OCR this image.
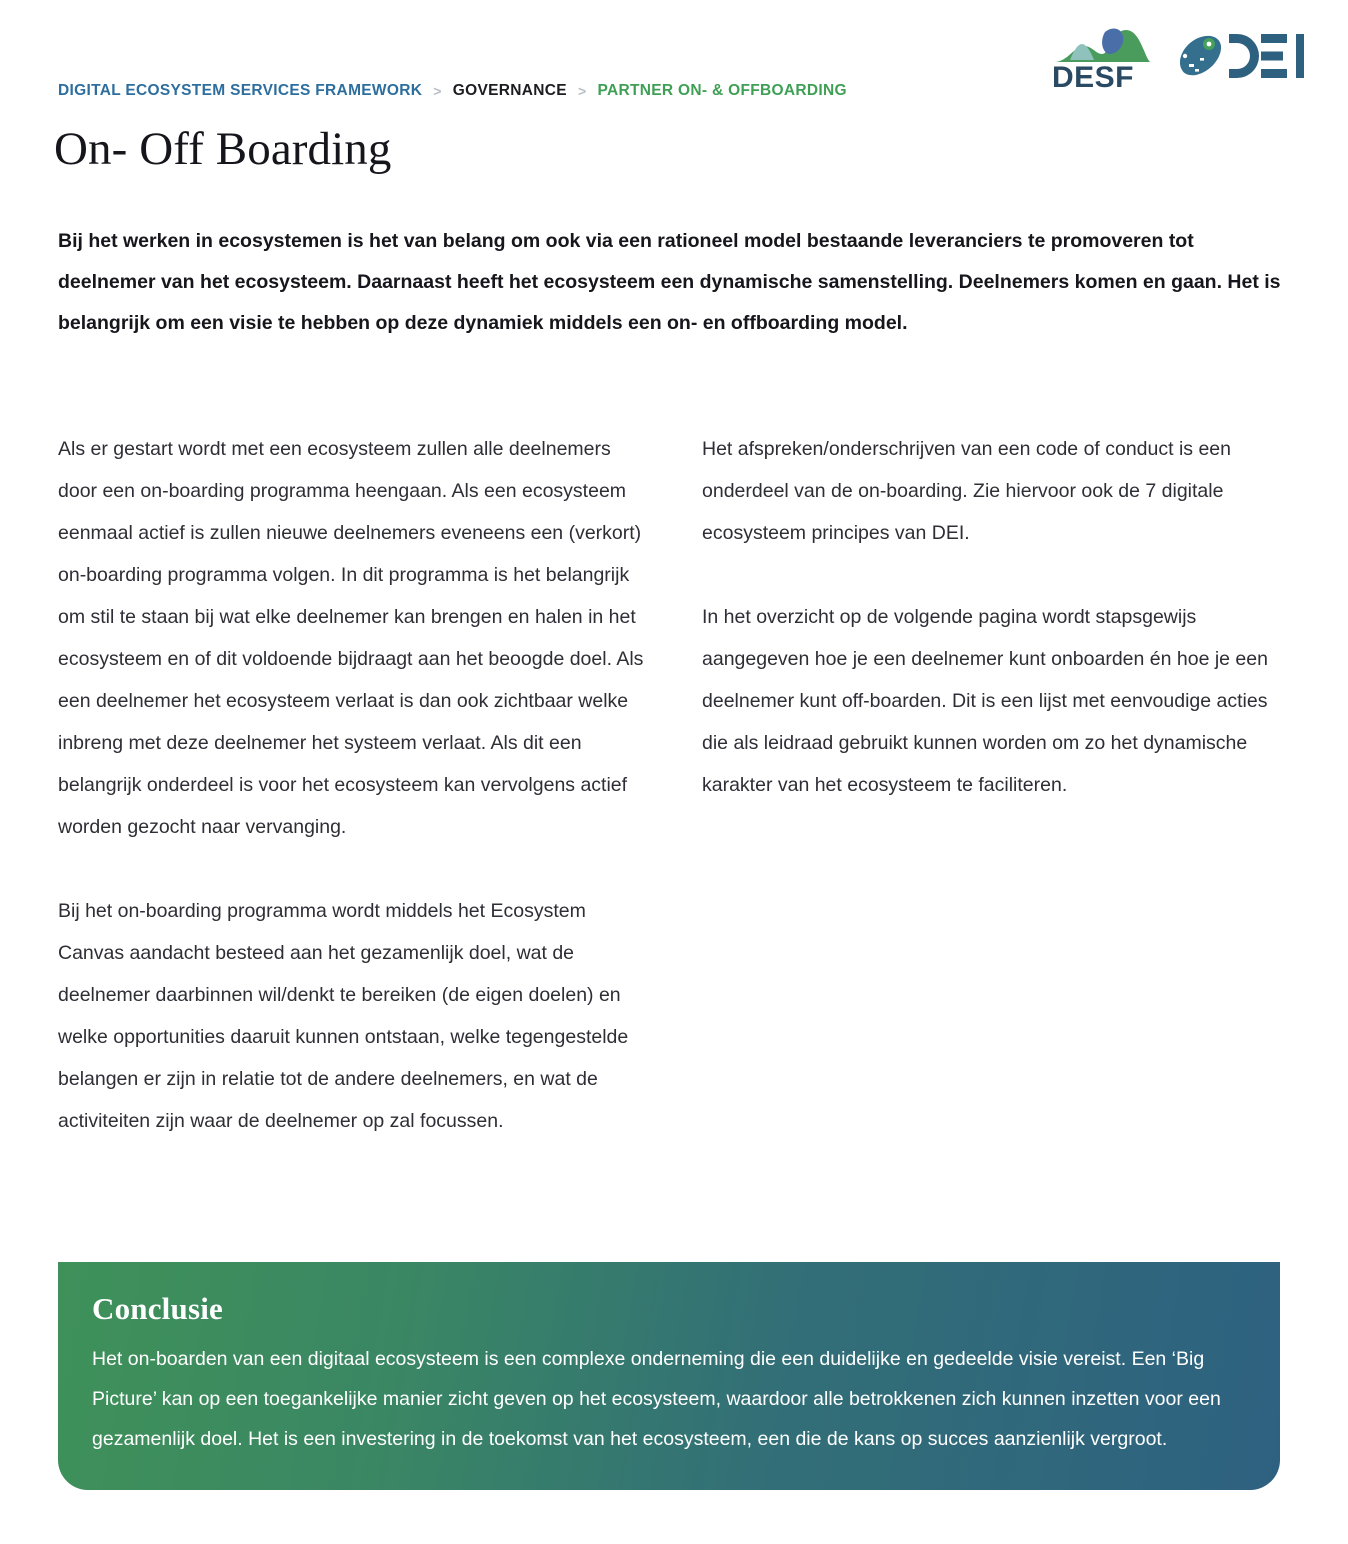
DESF
DIGITAL ECOSYSTEM SERVICES FRAMEWORK > GOVERNANCE > PARTNER ON- & OFFBOARDING
On- Off Boarding

Bij het werken in ecosystemen is het van belang om ook via een rationeel model bestaande leveranciers te promoveren tot deelnemer van het ecosysteem. Daarnaast heeft het ecosysteem een dynamische samenstelling. Deelnemers komen en gaan. Het is belangrijk om een visie te hebben op deze dynamiek middels een on- en offboarding model.

Als er gestart wordt met een ecosysteem zullen alle deelnemers door een on-boarding programma heengaan. Als een ecosysteem eenmaal actief is zullen nieuwe deelnemers eveneens een (verkort) on-boarding programma volgen. In dit programma is het belangrijk om stil te staan bij wat elke deelnemer kan brengen en halen in het ecosysteem en of dit voldoende bijdraagt aan het beoogde doel. Als een deelnemer het ecosysteem verlaat is dan ook zichtbaar welke inbreng met deze deelnemer het systeem verlaat. Als dit een belangrijk onderdeel is voor het ecosysteem kan vervolgens actief worden gezocht naar vervanging.

Bij het on-boarding programma wordt middels het Ecosystem Canvas aandacht besteed aan het gezamenlijk doel, wat de deelnemer daarbinnen wil/denkt te bereiken (de eigen doelen) en welke opportunities daaruit kunnen ontstaan, welke tegengestelde belangen er zijn in relatie tot de andere deelnemers, en wat de activiteiten zijn waar de deelnemer op zal focussen.

Het afspreken/onderschrijven van een code of conduct is een onderdeel van de on-boarding. Zie hiervoor ook de 7 digitale ecosysteem principes van DEI.

In het overzicht op de volgende pagina wordt stapsgewijs aangegeven hoe je een deelnemer kunt onboarden én hoe je een deelnemer kunt off-boarden. Dit is een lijst met eenvoudige acties die als leidraad gebruikt kunnen worden om zo het dynamische karakter van het ecosysteem te faciliteren.

Conclusie
Het on-boarden van een digitaal ecosysteem is een complexe onderneming die een duidelijke en gedeelde visie vereist. Een ‘Big Picture’ kan op een toegankelijke manier zicht geven op het ecosysteem, waardoor alle betrokkenen zich kunnen inzetten voor een gezamenlijk doel. Het is een investering in de toekomst van het ecosysteem, een die de kans op succes aanzienlijk vergroot.
